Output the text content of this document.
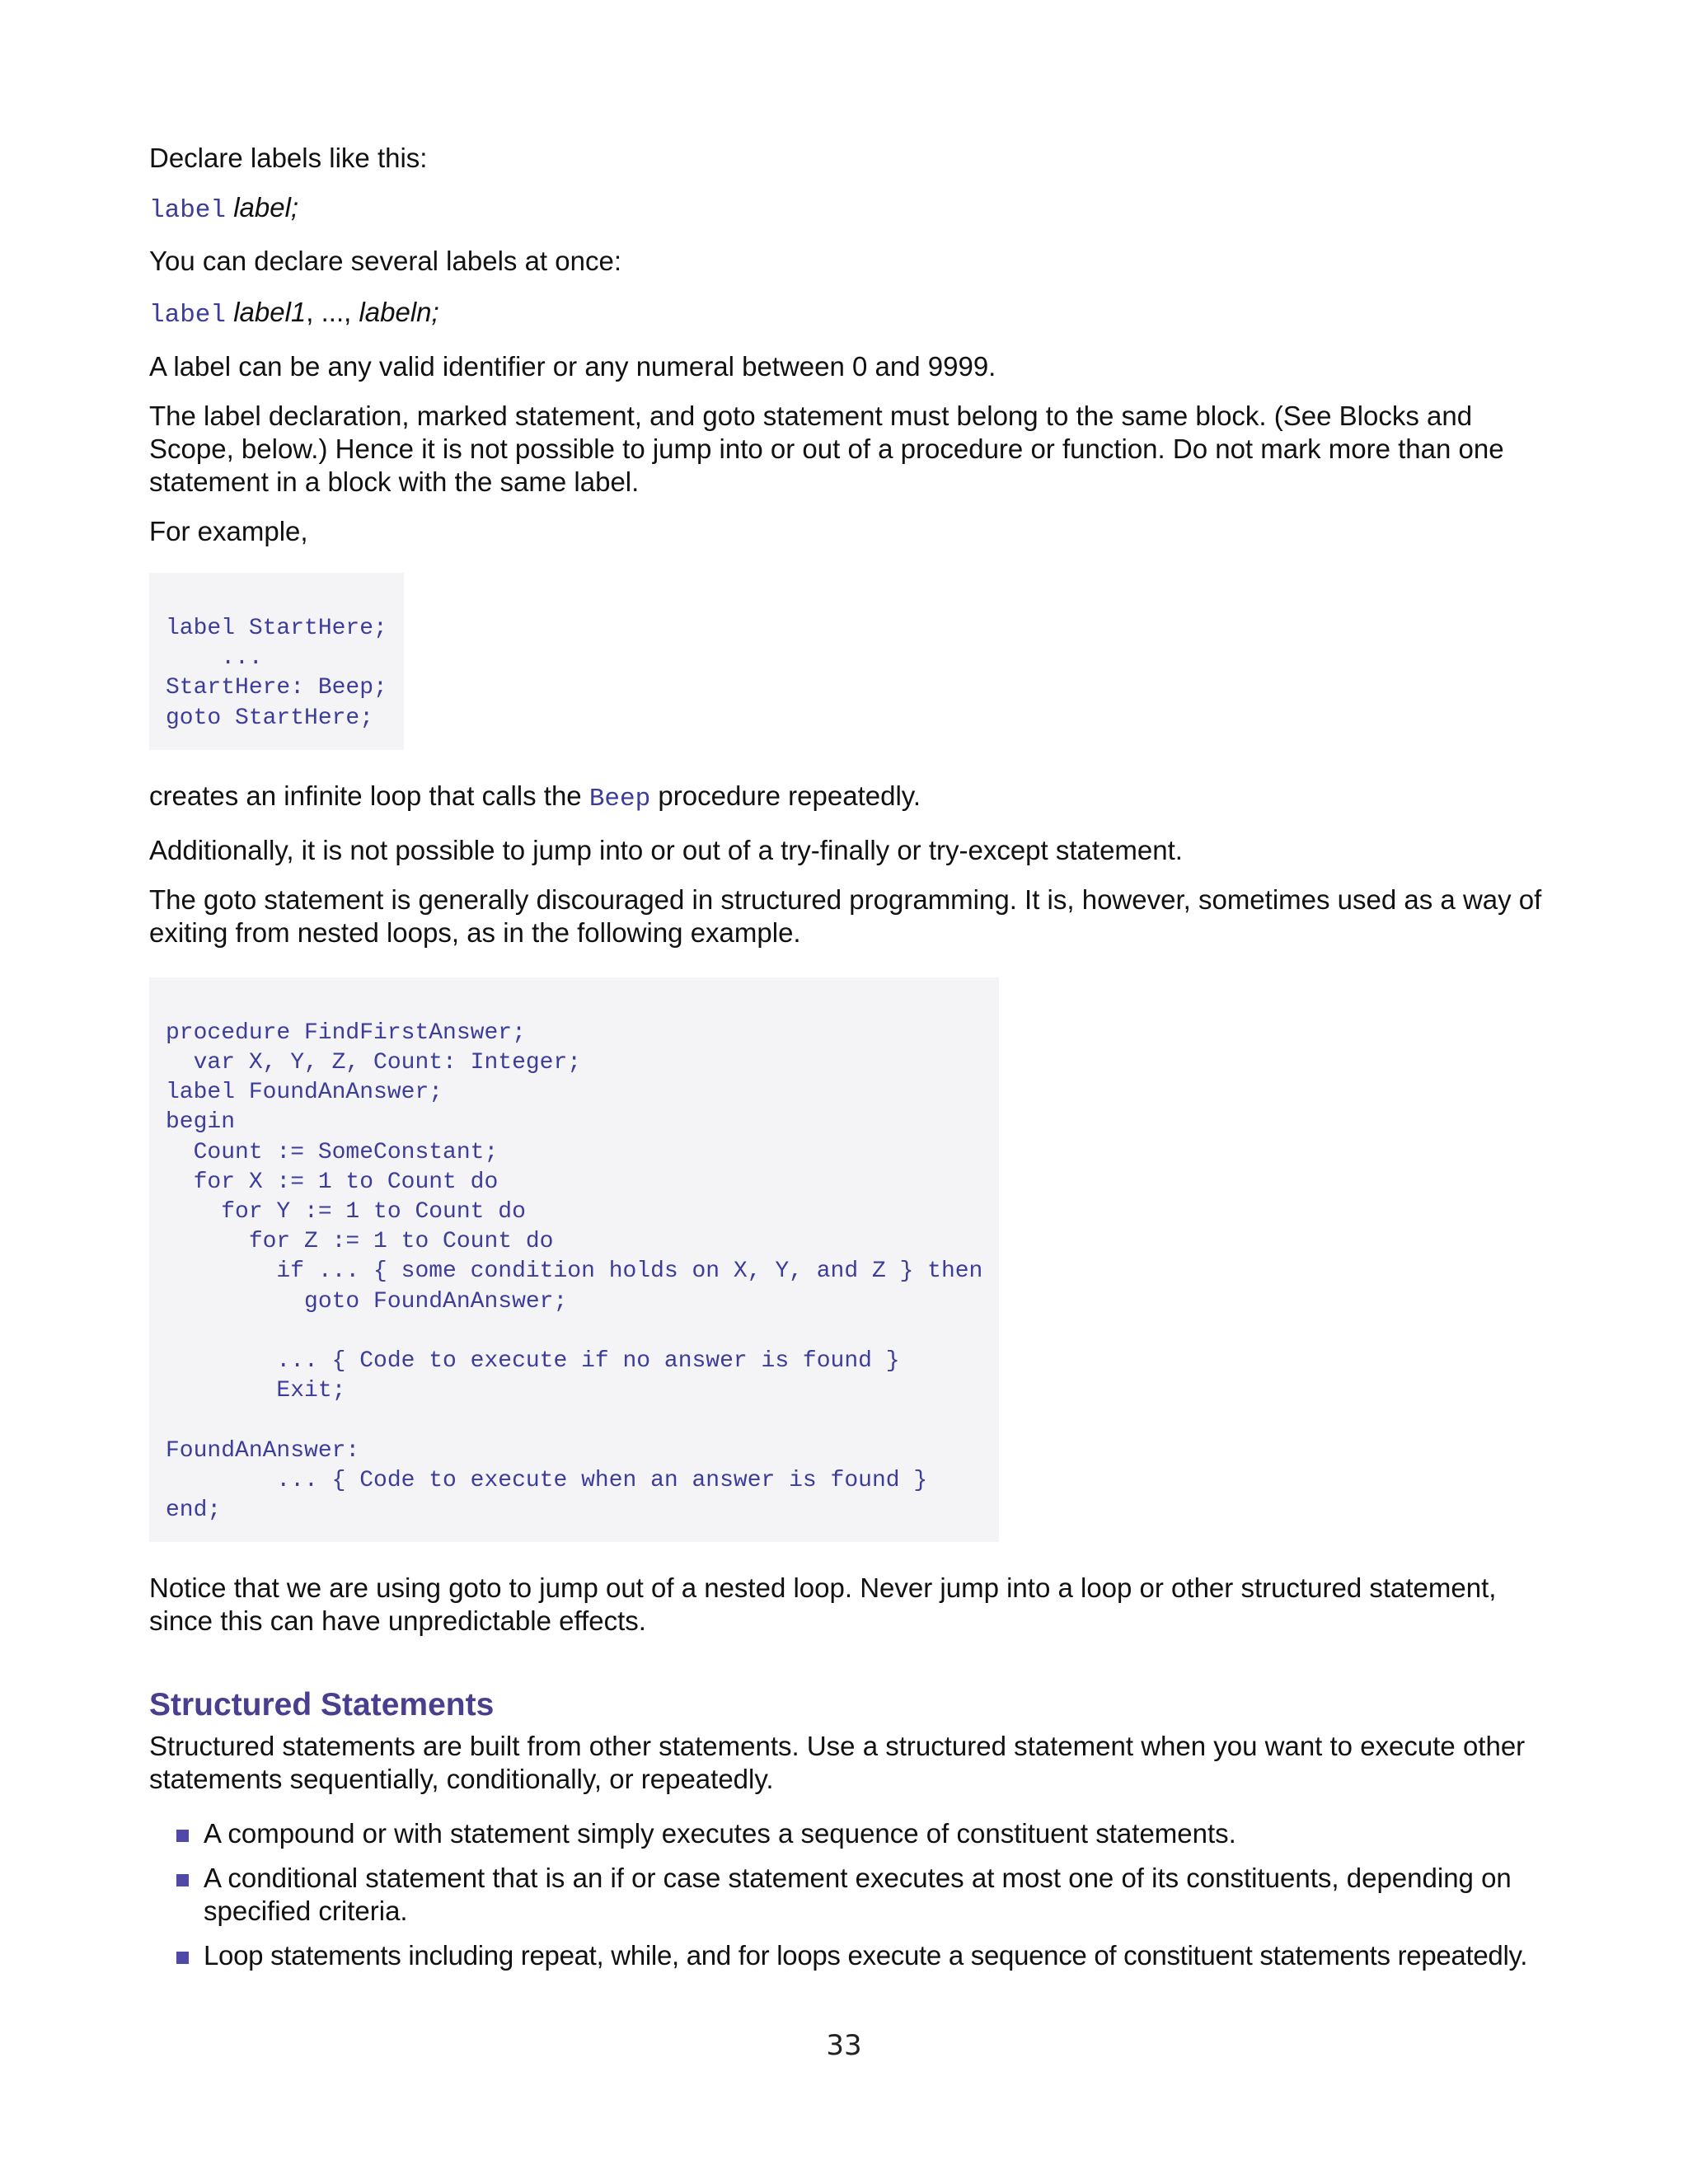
Declare labels like this:

label label;

You can declare several labels at once:

label label1, ..., labeln;

A label can be any valid identifier or any numeral between 0 and 9999.

The label declaration, marked statement, and goto statement must belong to the same block. (See Blocks and Scope, below.) Hence it is not possible to jump into or out of a procedure or function. Do not mark more than one statement in a block with the same label.

For example,

label StartHere;
...
StartHere: Beep;
goto StartHere;

creates an infinite loop that calls the Beep procedure repeatedly.

Additionally, it is not possible to jump into or out of a try-finally or try-except statement.

The goto statement is generally discouraged in structured programming. It is, however, sometimes used as a way of exiting from nested loops, as in the following example.

procedure FindFirstAnswer;
var X, Y, Z, Count: Integer;
label FoundAnAnswer;
begin
Count := SomeConstant;
for X := 1 to Count do
for Y := 1 to Count do
for Z := 1 to Count do
if ... { some condition holds on X, Y, and Z } then
goto FoundAnAnswer;

... { Code to execute if no answer is found }
Exit;

FoundAnAnswer:
... { Code to execute when an answer is found }
end;

Notice that we are using goto to jump out of a nested loop. Never jump into a loop or other structured statement, since this can have unpredictable effects.

Structured Statements

Structured statements are built from other statements. Use a structured statement when you want to execute other statements sequentially, conditionally, or repeatedly.

A compound or with statement simply executes a sequence of constituent statements.
A conditional statement that is an if or case statement executes at most one of its constituents, depending on specified criteria.
Loop statements including repeat, while, and for loops execute a sequence of constituent statements repeatedly.
33
